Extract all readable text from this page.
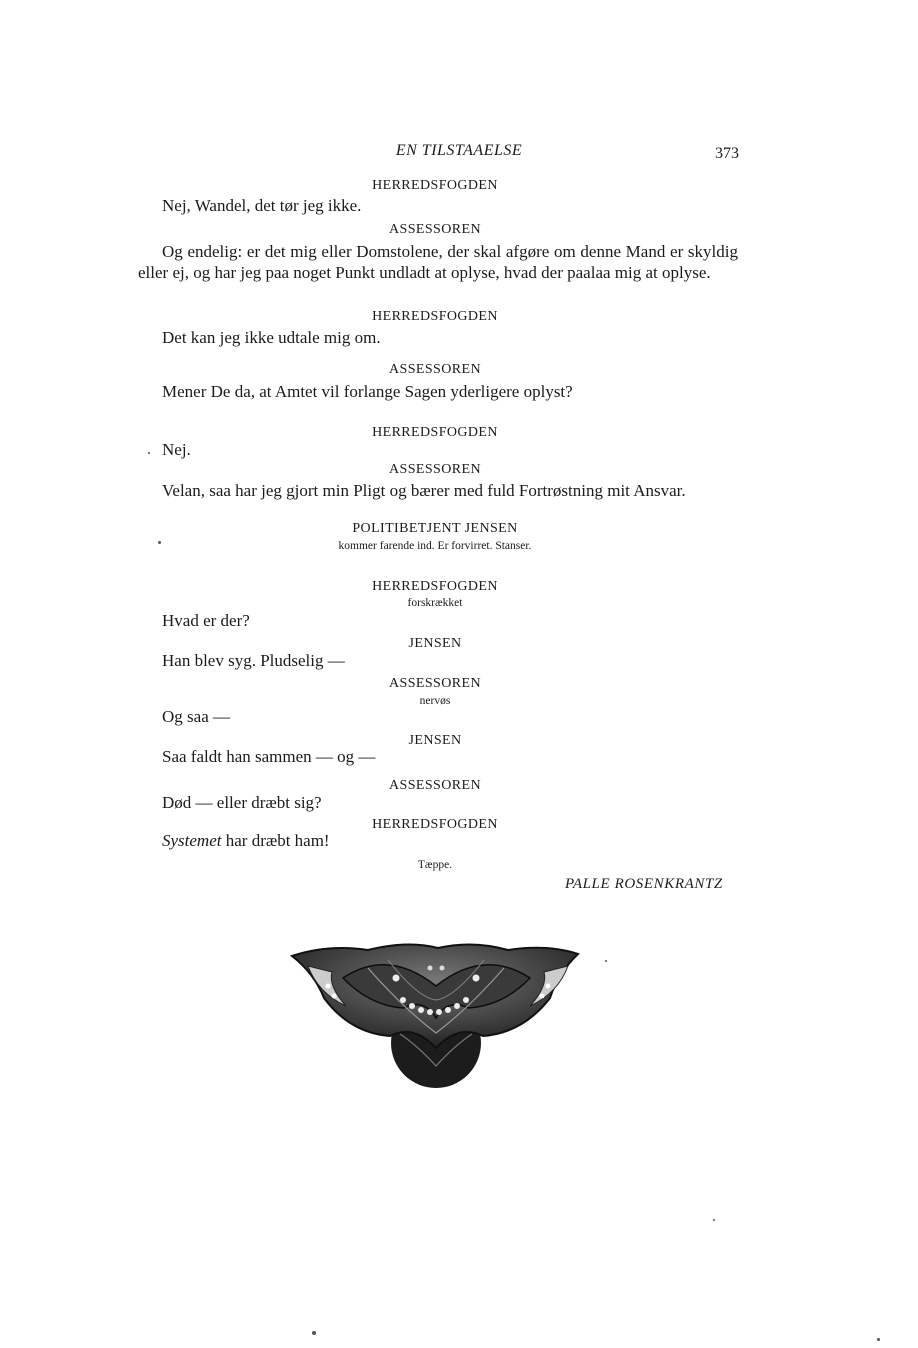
EN TILSTAAELSE	373
HERREDSFOGDEN
Nej, Wandel, det tør jeg ikke.
ASSESSOREN
Og endelig: er det mig eller Domstolene, der skal afgøre om denne Mand er skyldig eller ej, og har jeg paa noget Punkt undladt at oplyse, hvad der paalaa mig at oplyse.
HERREDSFOGDEN
Det kan jeg ikke udtale mig om.
ASSESSOREN
Mener De da, at Amtet vil forlange Sagen yderligere oplyst?
HERREDSFOGDEN
Nej.
ASSESSOREN
Velan, saa har jeg gjort min Pligt og bærer med fuld Fortrøstning mit Ansvar.
POLITIBETJENT JENSEN
kommer farende ind. Er forvirret. Stanser.
HERREDSFOGDEN
forskrækket
Hvad er der?
JENSEN
Han blev syg. Pludselig —
ASSESSOREN
nervøs
Og saa —
JENSEN
Saa faldt han sammen — og —
ASSESSOREN
Død — eller dræbt sig?
HERREDSFOGDEN
Systemet har dræbt ham!
Tæppe.
PALLE ROSENKRANTZ
